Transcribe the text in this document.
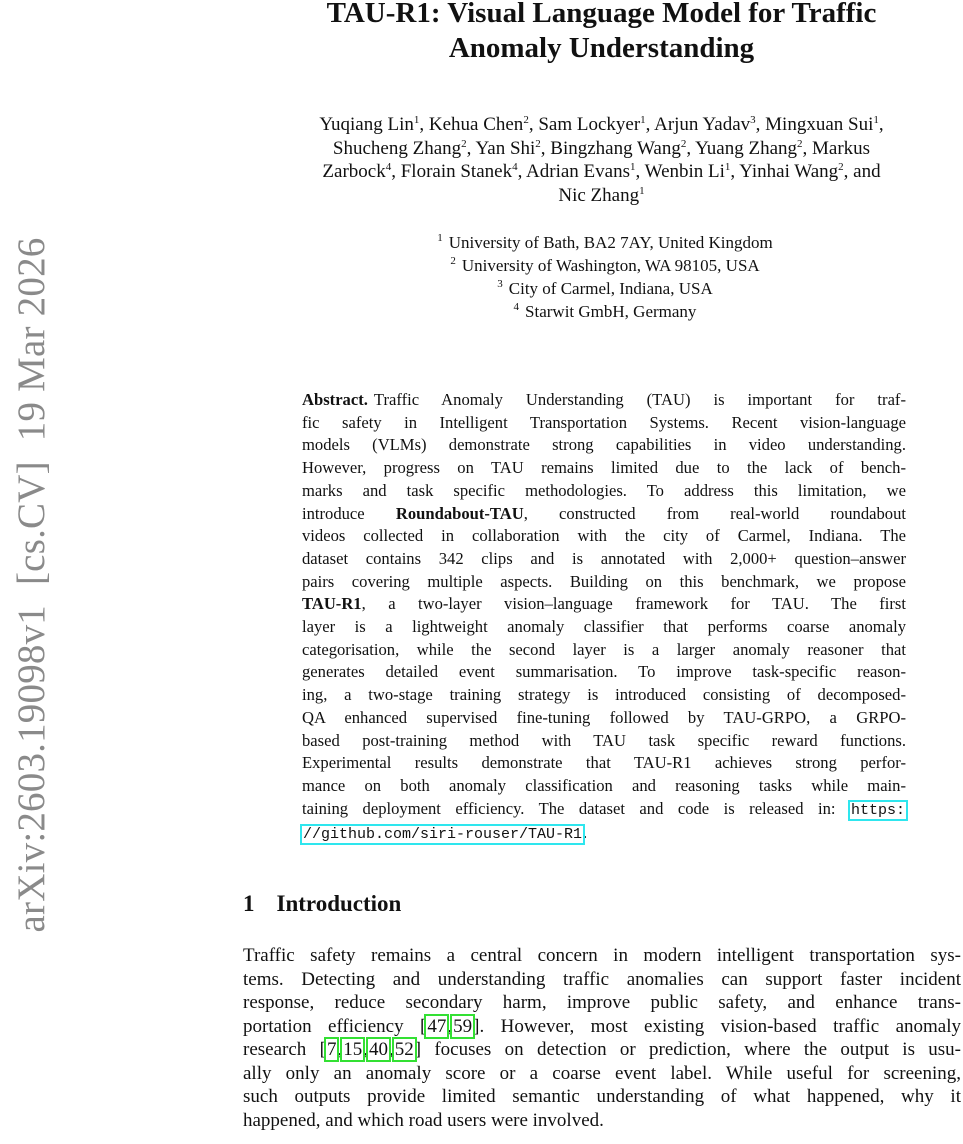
arXiv:2603.19098v1[cs.CV]19 Mar 2026
TAU-R1: Visual Language Model for Traffic
Anomaly Understanding
Yuqiang Lin$^1$, Kehua Chen$^2$, Sam Lockyer$^1$, Arjun Yadav$^3$, Mingxuan Sui$^1$,
Shucheng Zhang$^2$, Yan Shi$^2$, Bingzhang Wang$^2$, Yuang Zhang$^2$, Markus
Zarbock$^4$, Florain Stanek$^4$, Adrian Evans$^1$, Wenbin Li$^1$, Yinhai Wang$^2$, and
Nic Zhang$^1$
$^1$ University of Bath, BA2 7AY, United Kingdom
$^2$ University of Washington, WA 98105, USA
$^3$ City of Carmel, Indiana, USA
$^4$ Starwit GmbH, Germany
Abstract. Traffic Anomaly Understanding (TAU) is important for traf-
fic safety in Intelligent Transportation Systems. Recent vision-language
models (VLMs) demonstrate strong capabilities in video understanding.
However, progress on TAU remains limited due to the lack of bench-
marks and task specific methodologies. To address this limitation, we
introduce Roundabout-TAU, constructed from real-world roundabout
videos collected in collaboration with the city of Carmel, Indiana. The
dataset contains 342 clips and is annotated with 2,000+ question–answer
pairs covering multiple aspects. Building on this benchmark, we propose
TAU-R1, a two-layer vision–language framework for TAU. The first
layer is a lightweight anomaly classifier that performs coarse anomaly
categorisation, while the second layer is a larger anomaly reasoner that
generates detailed event summarisation. To improve task-specific reason-
ing, a two-stage training strategy is introduced consisting of decomposed-
QA enhanced supervised fine-tuning followed by TAU-GRPO, a GRPO-
based post-training method with TAU task specific reward functions.
Experimental results demonstrate that TAU-R1 achieves strong perfor-
mance on both anomaly classification and reasoning tasks while main-
taining deployment efficiency. The dataset and code is released in: https:
//github.com/siri-rouser/TAU-R1.
1 Introduction
Traffic safety remains a central concern in modern intelligent transportation sys-
tems. Detecting and understanding traffic anomalies can support faster incident
response, reduce secondary harm, improve public safety, and enhance trans-
portation efficiency [47,59]. However, most existing vision-based traffic anomaly
research [7,15,40,52] focuses on detection or prediction, where the output is usu-
ally only an anomaly score or a coarse event label. While useful for screening,
such outputs provide limited semantic understanding of what happened, why it
happened, and which road users were involved.
